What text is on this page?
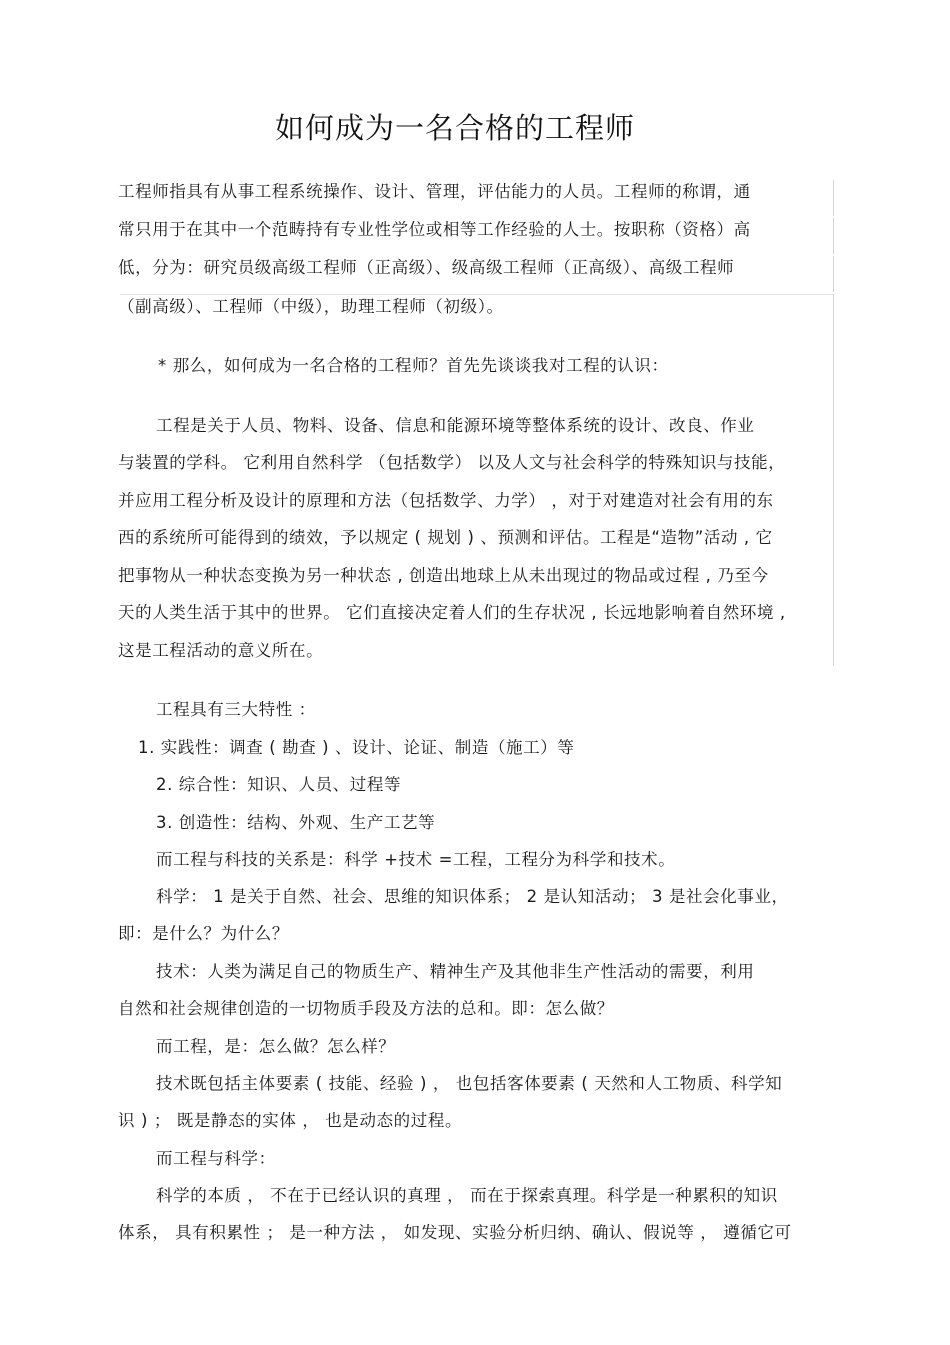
如何成为一名合格的工程师
工程师指具有从事工程系统操作、设计、管理，评估能力的人员。工程师的称谓，通
常只用于在其中一个范畴持有专业性学位或相等工作经验的人士。按职称（资格）高
低，分为：研究员级高级工程师（正高级）、级高级工程师（正高级）、高级工程师
（副高级）、工程师（中级），助理工程师（初级）。
* 那么，如何成为一名合格的工程师？首先先谈谈我对工程的认识：
工程是关于人员、物料、设备、信息和能源环境等整体系统的设计、改良、作业
与装置的学科。 它利用自然科学 （包括数学） 以及人文与社会科学的特殊知识与技能，
并应用工程分析及设计的原理和方法（包括数学、力学） ，对于对建造对社会有用的东
西的系统所可能得到的绩效，予以规定 ( 规划 ) 、预测和评估。工程是“造物”活动 , 它
把事物从一种状态变换为另一种状态 , 创造出地球上从未出现过的物品或过程 , 乃至今
天的人类生活于其中的世界。 它们直接决定着人们的生存状况 , 长远地影响着自然环境 ,
这是工程活动的意义所在。
工程具有三大特性 ：
1. 实践性：调查 ( 勘查 ) 、设计、论证、制造（施工）等
2. 综合性：知识、人员、过程等
3. 创造性：结构、外观、生产工艺等
而工程与科技的关系是：科学 +技术 =工程，工程分为科学和技术。
科学： 1 是关于自然、社会、思维的知识体系； 2 是认知活动； 3 是社会化事业，
即：是什么？为什么？
技术：人类为满足自己的物质生产、精神生产及其他非生产性活动的需要，利用
自然和社会规律创造的一切物质手段及方法的总和。即：怎么做？
而工程，是：怎么做？怎么样？
技术既包括主体要素 ( 技能、经验 ) ， 也包括客体要素 ( 天然和人工物质、科学知
识 ) ； 既是静态的实体 ， 也是动态的过程。
而工程与科学：
科学的本质 ， 不在于已经认识的真理 ， 而在于探索真理。科学是一种累积的知识
体系， 具有积累性 ； 是一种方法 ， 如发现、实验分析归纳、确认、假说等 ， 遵循它可
